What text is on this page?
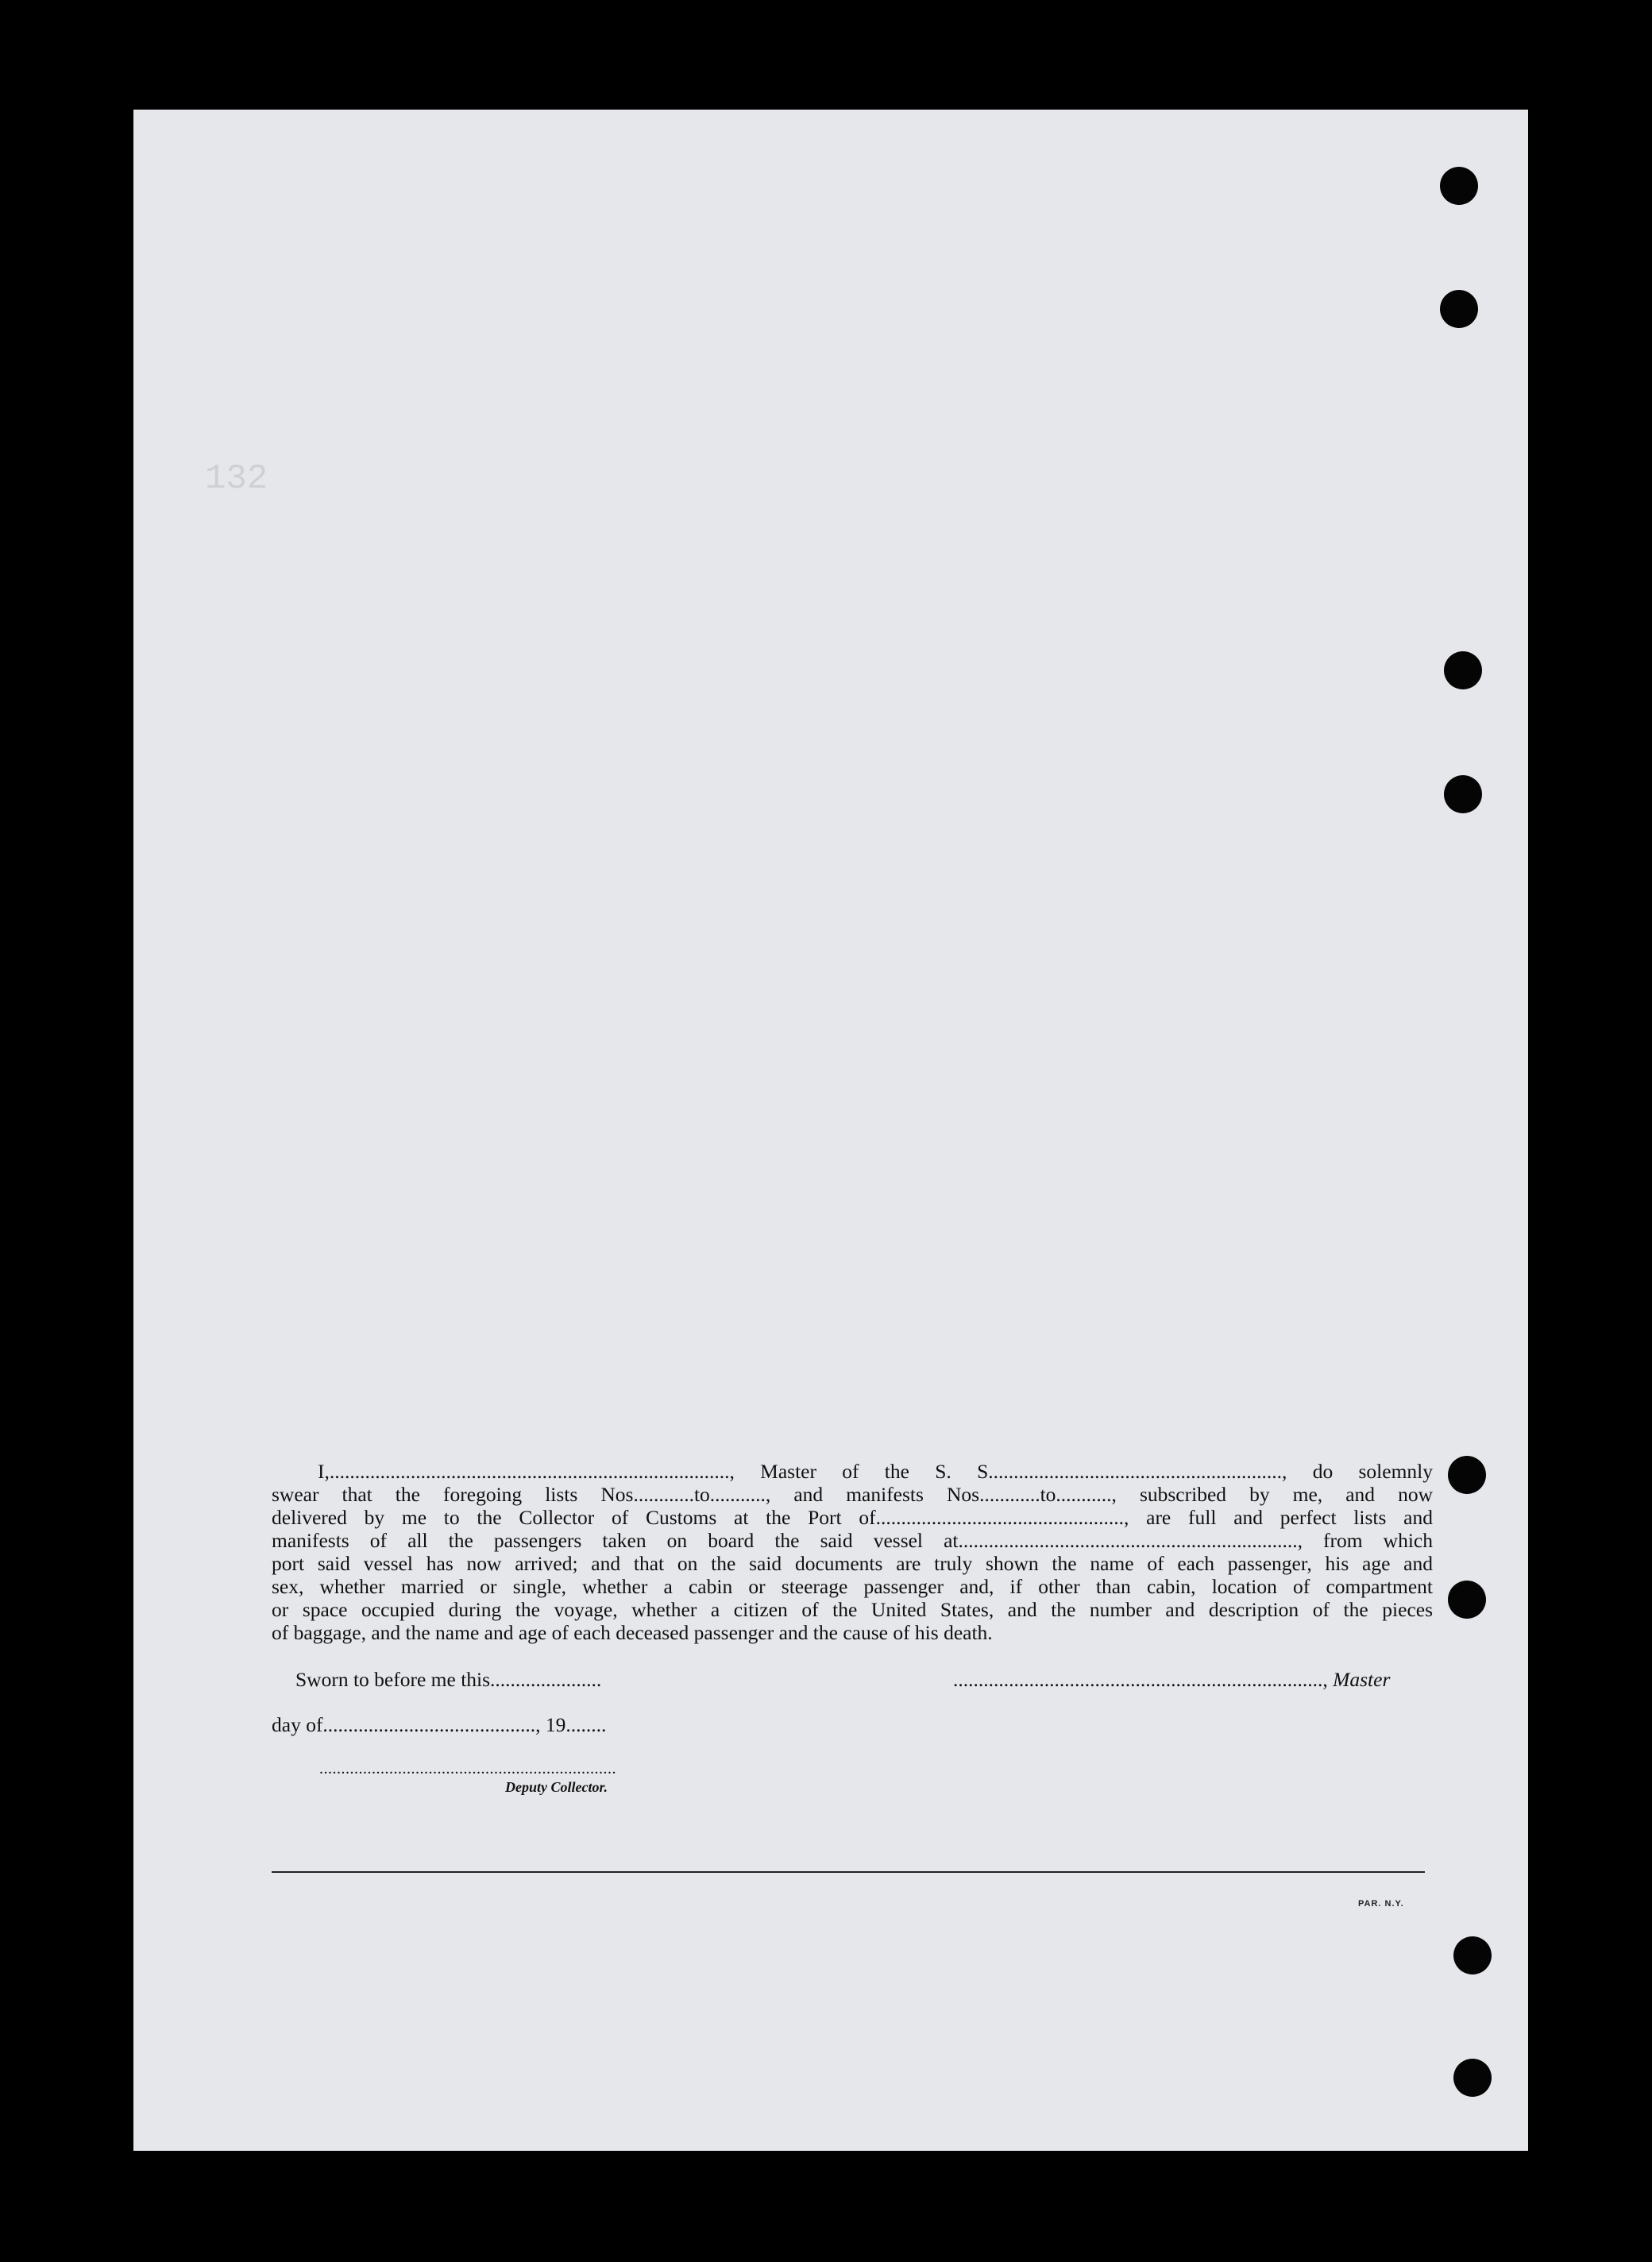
132
I,..............................................................................., Master of the S. S.........................................................., do solemnly
swear that the foregoing lists Nos............to..........., and manifests Nos............to..........., subscribed by me, and now
delivered by me to the Collector of Customs at the Port of................................................., are full and perfect lists and
manifests of all the passengers taken on board the said vessel at..................................................................., from which
port said vessel has now arrived; and that on the said documents are truly shown the name of each passenger, his age and
sex, whether married or single, whether a cabin or steerage passenger and, if other than cabin, location of compartment
or space occupied during the voyage, whether a citizen of the United States, and the number and description of the pieces
of baggage, and the name and age of each deceased passenger and the cause of his death.
Sworn to before me this......................	........................................................................., Master
day of.........................................., 19........
....................................................................
Deputy Collector.
PAR. N.Y.
